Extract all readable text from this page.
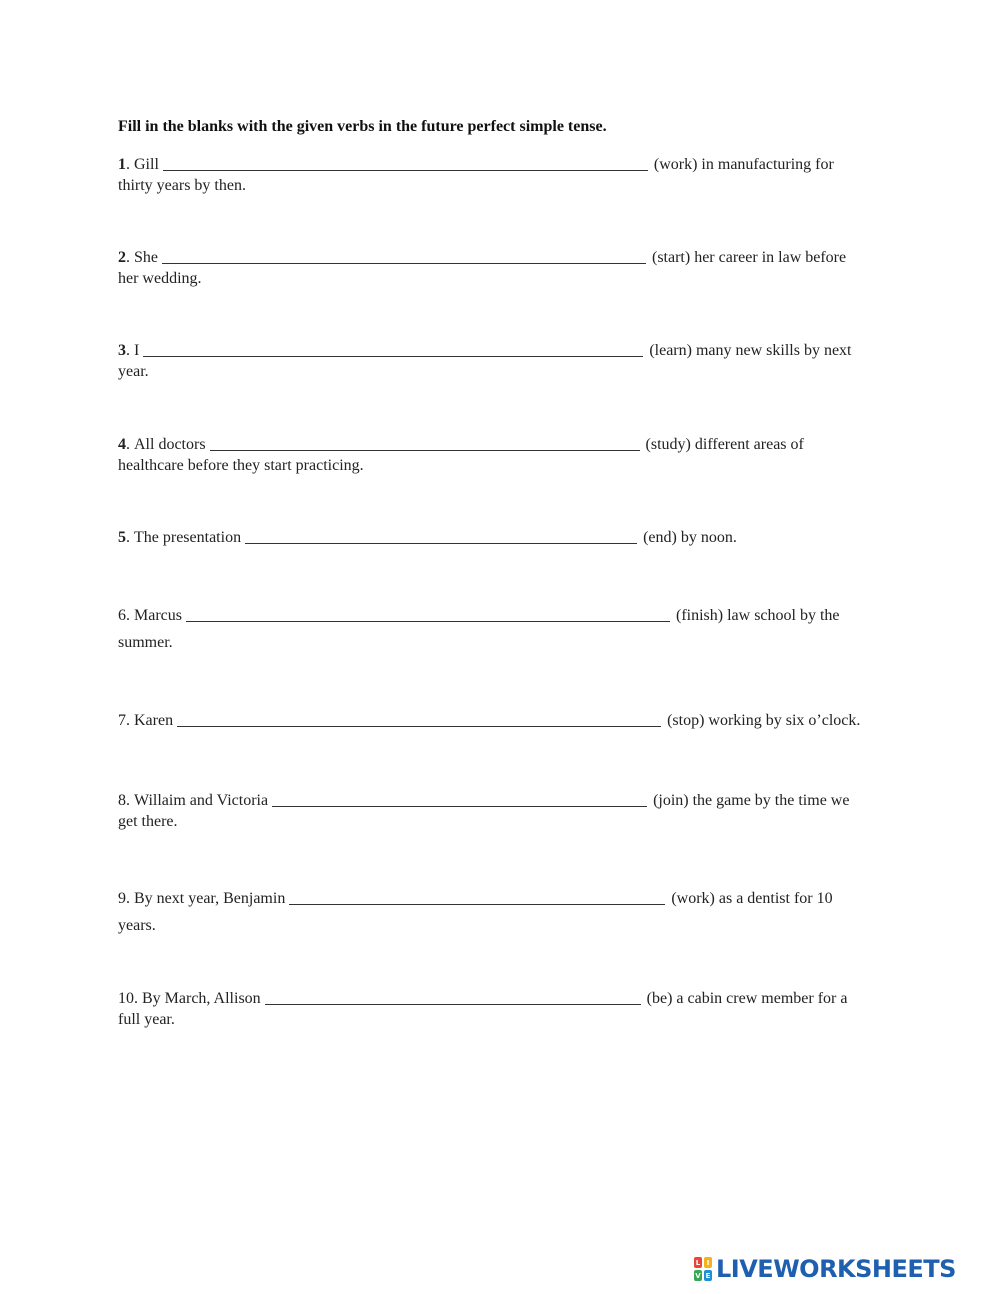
Fill in the blanks with the given verbs in the future perfect simple tense.
1 .
Gill	(work) in manufacturing for
thirty years by then.
2 .
She	(start) her career in law before
her wedding.
3 .
I	(learn) many new skills by next
year.
4 .
All doctors	(study) different areas of
healthcare before they start practicing.
5 .
The presentation	(end) by noon.
6 .
Marcus	(finish) law school by the
summer.
7 .
Karen	(stop) working by six o’clock.
8 .
Willaim and Victoria	(join) the game by the time we
get there.
9 .
By next year, Benjamin	(work) as a dentist for 10
years.
10 .
By March, Allison	(be) a cabin crew member for a
full year.
L I
V E LIVEWORKSHEETS
